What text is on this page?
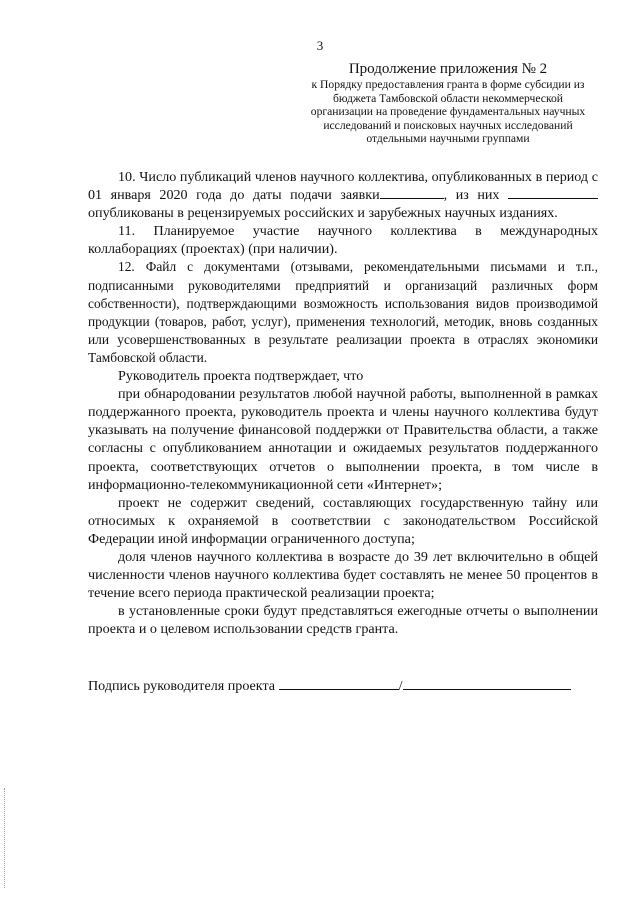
3
Продолжение приложения № 2
к Порядку предоставления гранта в форме субсидии из
бюджета Тамбовской области некоммерческой
организации на проведение фундаментальных научных
исследований и поисковых научных исследований
отдельными научными группами

10. Число публикаций членов научного коллектива, опубликованных в период с 01 января 2020 года до даты подачи заявки	, из них  опубликованы в рецензируемых российских и зарубежных научных изданиях.

11. Планируемое участие научного коллектива в международных коллаборациях (проектах) (при наличии).

12. Файл с документами (отзывами, рекомендательными письмами и т.п., подписанными руководителями предприятий и организаций различных форм собственности), подтверждающими возможность использования видов производимой продукции (товаров, работ, услуг), применения технологий, методик, вновь созданных или усовершенствованных в результате реализации проекта в отраслях экономики Тамбовской области.

Руководитель проекта подтверждает, что

при обнародовании результатов любой научной работы, выполненной в рамках поддержанного проекта, руководитель проекта и члены научного коллектива будут указывать на получение финансовой поддержки от Правительства области, а также согласны с опубликованием аннотации и ожидаемых результатов поддержанного проекта, соответствующих отчетов о выполнении проекта, в том числе в информационно-телекоммуникационной сети «Интернет»;

проект не содержит сведений, составляющих государственную тайну или относимых к охраняемой в соответствии с законодательством Российской Федерации иной информации ограниченного доступа;

доля членов научного коллектива в возрасте до 39 лет включительно в общей численности членов научного коллектива будет составлять не менее 50 процентов в течение всего периода практической реализации проекта;

в установленные сроки будут представляться ежегодные отчеты о выполнении проекта и о целевом использовании средств гранта.

Подпись руководителя проекта	/
